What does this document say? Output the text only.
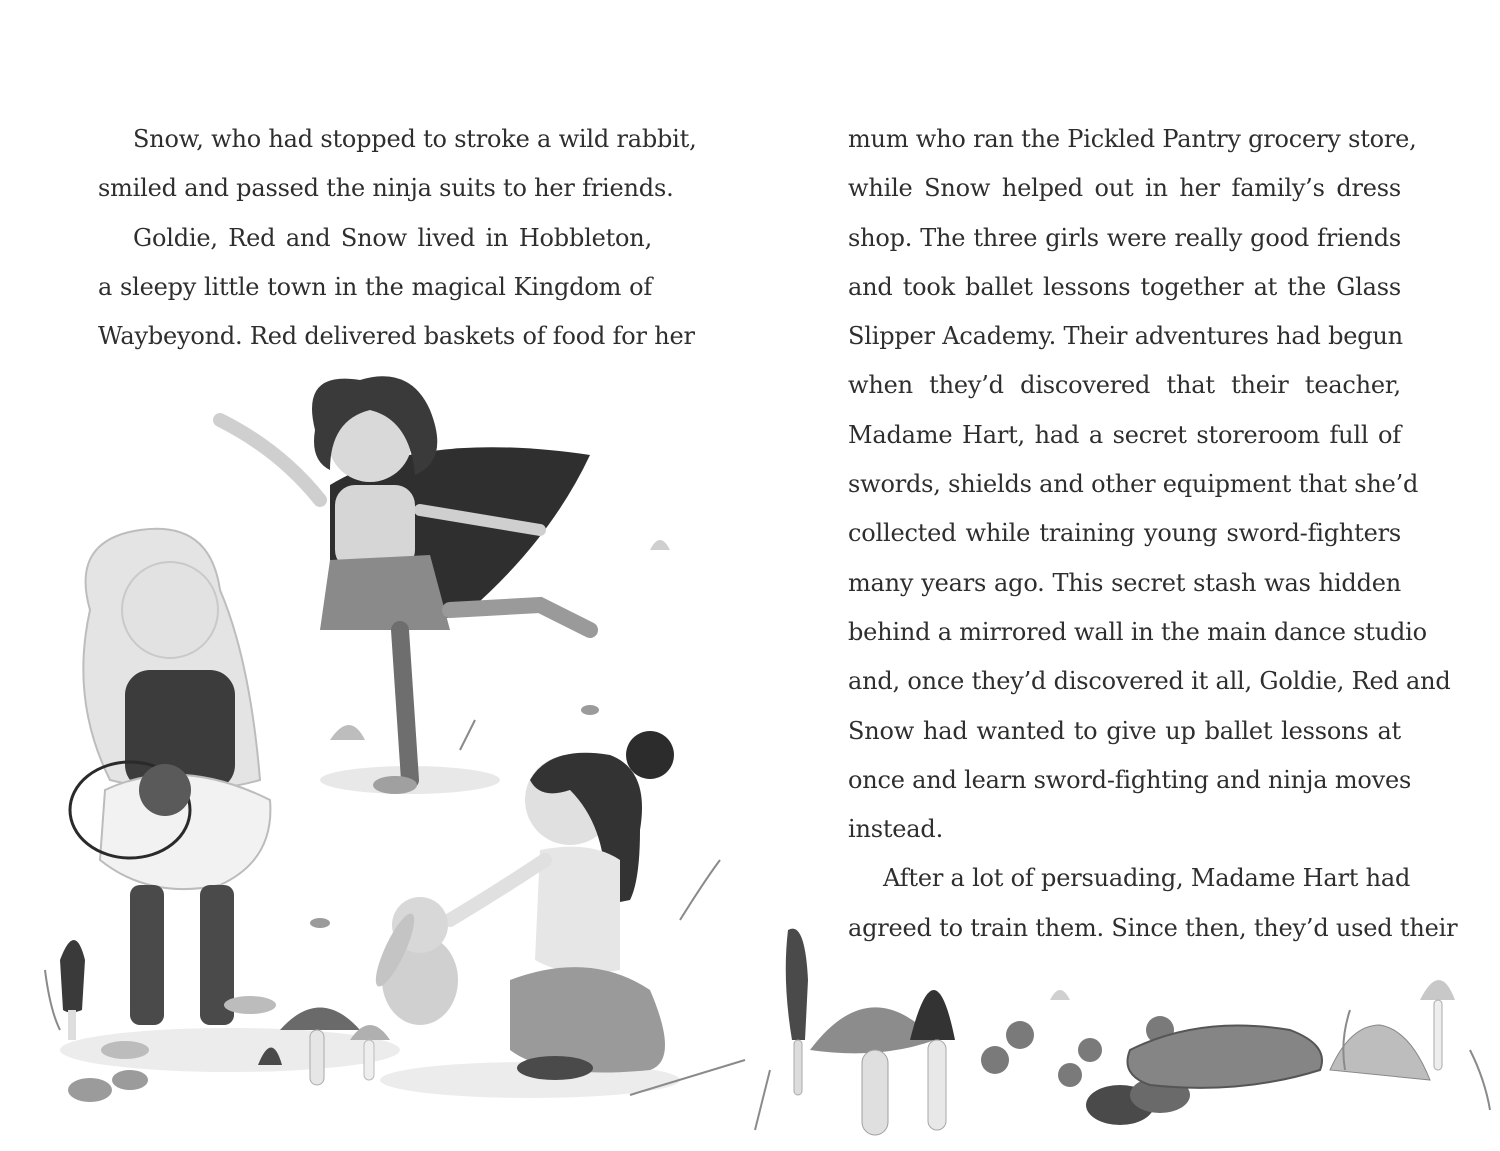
Snow, who had stopped to stroke a wild rabbit,
smiled and passed the ninja suits to her friends.
Goldie, Red and Snow lived in Hobbleton,
a sleepy little town in the magical Kingdom of
Waybeyond. Red delivered baskets of food for her
mum who ran the Pickled Pantry grocery store,
while Snow helped out in her family’s dress
shop. The three girls were really good friends
and took ballet lessons together at the Glass
Slipper Academy. Their adventures had begun
when they’d discovered that their teacher,
Madame Hart, had a secret storeroom full of
swords, shields and other equipment that she’d
collected while training young sword-fighters
many years ago. This secret stash was hidden
behind a mirrored wall in the main dance studio
and, once they’d discovered it all, Goldie, Red and
Snow had wanted to give up ballet lessons at
once and learn sword-fighting and ninja moves
instead.
After a lot of persuading, Madame Hart had
agreed to train them. Since then, they’d used their
